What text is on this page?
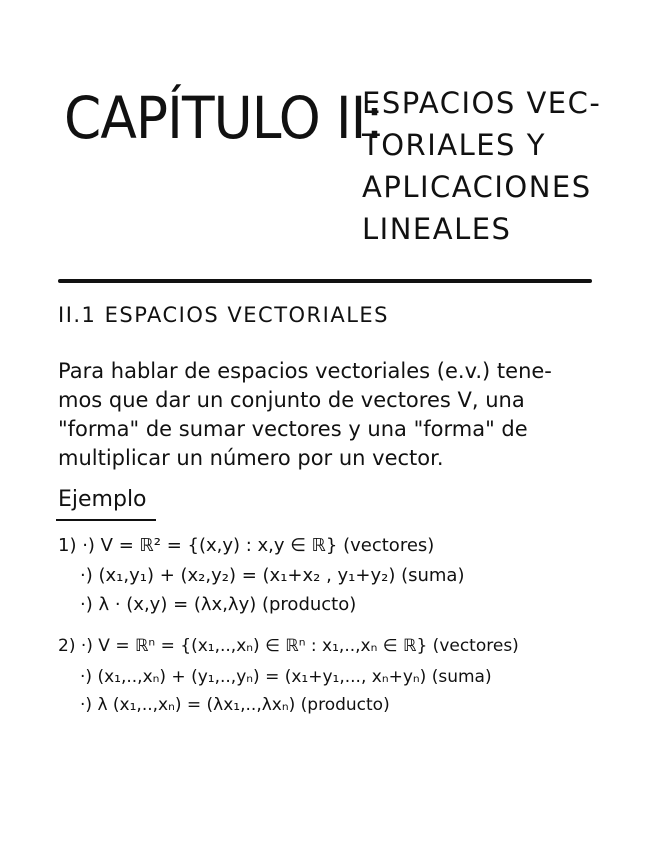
CAPÍTULO II:
ESPACIOS VEC-
TORIALES Y
APLICACIONES
LINEALES
II.1 ESPACIOS VECTORIALES
Para hablar de espacios vectoriales (e.v.) tene-
mos que dar un conjunto de vectores V, una
"forma" de sumar vectores y una "forma" de
multiplicar un número por un vector.
Ejemplo
1) ·) V = ℝ² = {(x,y) : x,y ∈ ℝ} (vectores)
·) (x₁,y₁) + (x₂,y₂) = (x₁+x₂ , y₁+y₂) (suma)
·) λ · (x,y) = (λx,λy) (producto)
2) ·) V = ℝⁿ = {(x₁,..,xₙ) ∈ ℝⁿ : x₁,..,xₙ ∈ ℝ} (vectores)
·) (x₁,..,xₙ) + (y₁,..,yₙ) = (x₁+y₁,..., xₙ+yₙ) (suma)
·) λ (x₁,..,xₙ) = (λx₁,..,λxₙ) (producto)
